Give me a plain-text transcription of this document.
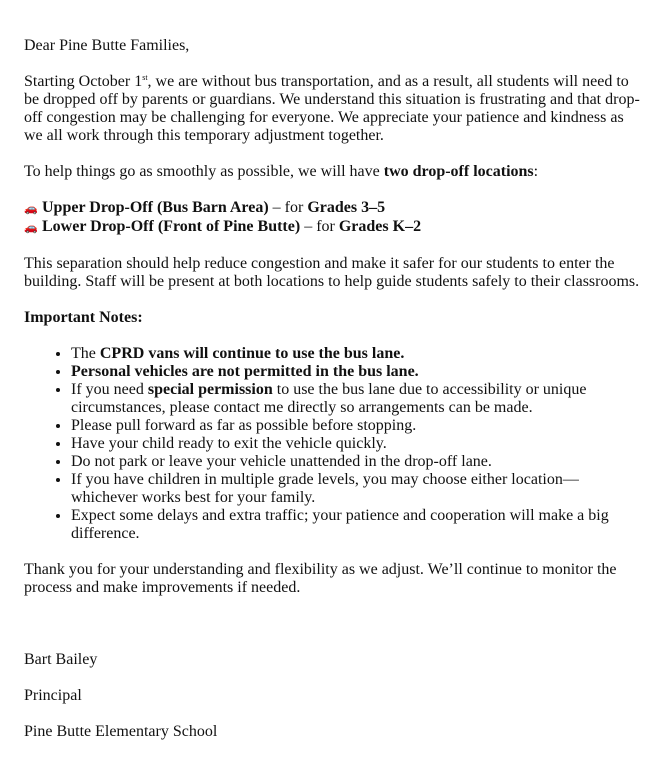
Dear Pine Butte Families,

Starting October 1st, we are without bus transportation, and as a result, all students will need to be dropped off by parents or guardians. We understand this situation is frustrating and that drop-off congestion may be challenging for everyone. We appreciate your patience and kindness as we all work through this temporary adjustment together.

To help things go as smoothly as possible, we will have two drop-off locations:

🚗 Upper Drop-Off (Bus Barn Area) – for Grades 3–5

🚗 Lower Drop-Off (Front of Pine Butte) – for Grades K–2

This separation should help reduce congestion and make it safer for our students to enter the building. Staff will be present at both locations to help guide students safely to their classrooms.

Important Notes:

• The CPRD vans will continue to use the bus lane.
• Personal vehicles are not permitted in the bus lane.
• If you need special permission to use the bus lane due to accessibility or unique circumstances, please contact me directly so arrangements can be made.
• Please pull forward as far as possible before stopping.
• Have your child ready to exit the vehicle quickly.
• Do not park or leave your vehicle unattended in the drop-off lane.
• If you have children in multiple grade levels, you may choose either location—whichever works best for your family.
• Expect some delays and extra traffic; your patience and cooperation will make a big difference.

Thank you for your understanding and flexibility as we adjust. We’ll continue to monitor the process and make improvements if needed.

Bart Bailey

Principal

Pine Butte Elementary School
